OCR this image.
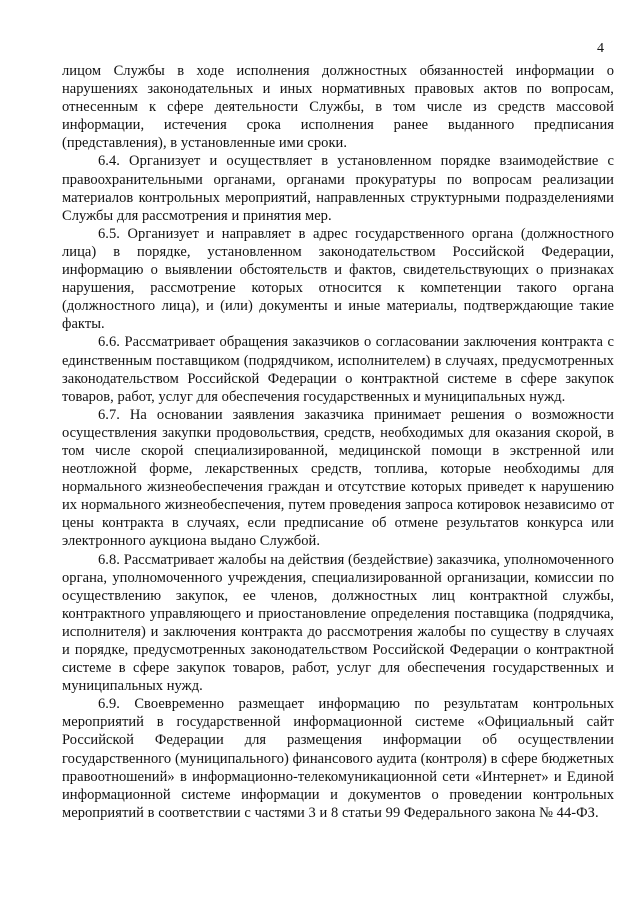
4

лицом Службы в ходе исполнения должностных обязанностей информации о нарушениях законодательных и иных нормативных правовых актов по вопросам, отнесенным к сфере деятельности Службы, в том числе из средств массовой информации, истечения срока исполнения ранее выданного предписания (представления), в установленные ими сроки.

6.4. Организует и осуществляет в установленном порядке взаимодействие с правоохранительными органами, органами прокуратуры по вопросам реализации материалов контрольных мероприятий, направленных структурными подразделениями Службы для рассмотрения и принятия мер.

6.5. Организует и направляет в адрес государственного органа (должностного лица) в порядке, установленном законодательством Российской Федерации, информацию о выявлении обстоятельств и фактов, свидетельствующих о признаках нарушения, рассмотрение которых относится к компетенции такого органа (должностного лица), и (или) документы и иные материалы, подтверждающие такие факты.

6.6. Рассматривает обращения заказчиков о согласовании заключения контракта с единственным поставщиком (подрядчиком, исполнителем) в случаях, предусмотренных законодательством Российской Федерации о контрактной системе в сфере закупок товаров, работ, услуг для обеспечения государственных и муниципальных нужд.

6.7. На основании заявления заказчика принимает решения о возможности осуществления закупки продовольствия, средств, необходимых для оказания скорой, в том числе скорой специализированной, медицинской помощи в экстренной или неотложной форме, лекарственных средств, топлива, которые необходимы для нормального жизнеобеспечения граждан и отсутствие которых приведет к нарушению их нормального жизнеобеспечения, путем проведения запроса котировок независимо от цены контракта в случаях, если предписание об отмене результатов конкурса или электронного аукциона выдано Службой.

6.8. Рассматривает жалобы на действия (бездействие) заказчика, уполномоченного органа, уполномоченного учреждения, специализированной организации, комиссии по осуществлению закупок, ее членов, должностных лиц контрактной службы, контрактного управляющего и приостановление определения поставщика (подрядчика, исполнителя) и заключения контракта до рассмотрения жалобы по существу в случаях и порядке, предусмотренных законодательством Российской Федерации о контрактной системе в сфере закупок товаров, работ, услуг для обеспечения государственных и муниципальных нужд.

6.9. Своевременно размещает информацию по результатам контрольных мероприятий в государственной информационной системе «Официальный сайт Российской Федерации для размещения информации об осуществлении государственного (муниципального) финансового аудита (контроля) в сфере бюджетных правоотношений» в информационно-телекомуникационной сети «Интернет» и Единой информационной системе информации и документов о проведении контрольных мероприятий в соответствии с частями 3 и 8 статьи 99 Федерального закона № 44-ФЗ.
